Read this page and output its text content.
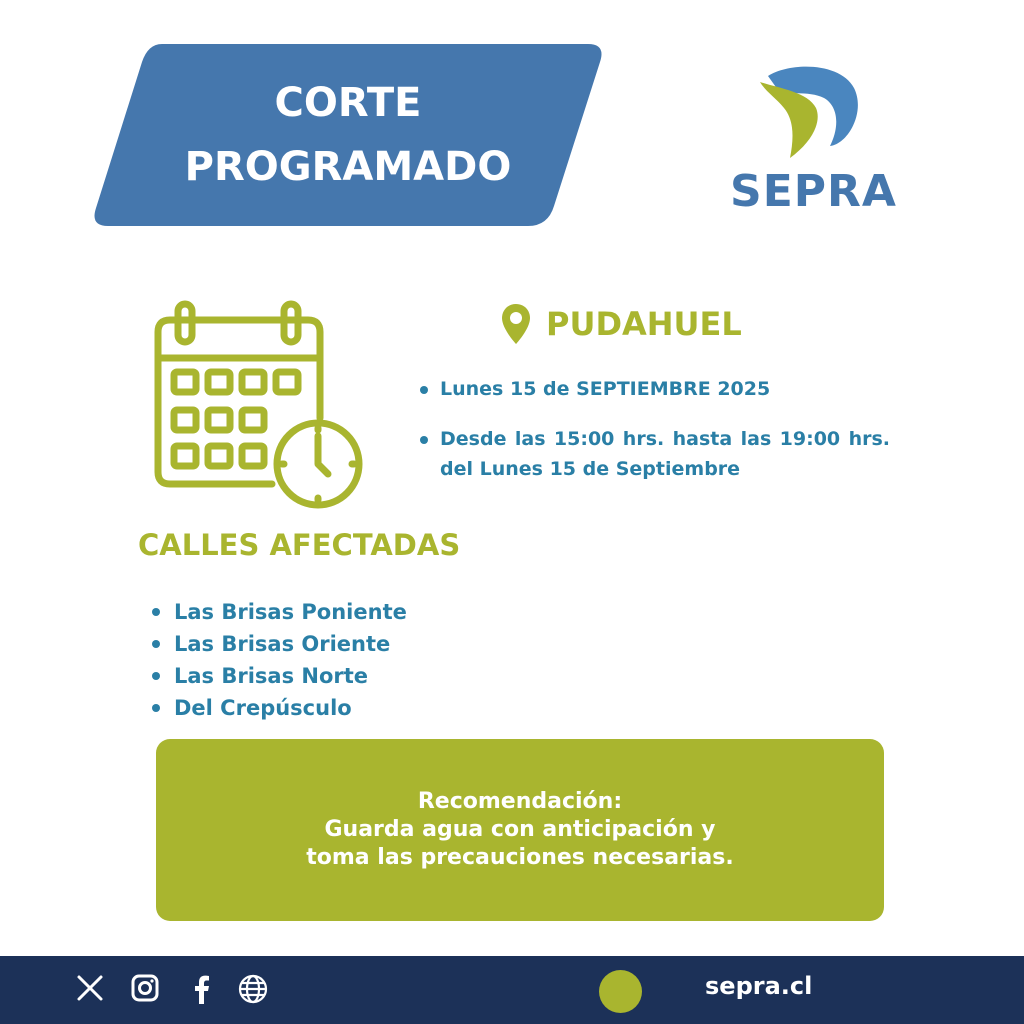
CORTE
PROGRAMADO	SEPRA
PUDAHUEL
Lunes 15 de SEPTIEMBRE 2025
Desde las 15:00 hrs. hasta las 19:00 hrs. del Lunes 15 de Septiembre
CALLES AFECTADAS
Las Brisas Poniente
Las Brisas Oriente
Las Brisas Norte
Del Crepúsculo
Recomendación:
Guarda agua con anticipación y
toma las precauciones necesarias.
sepra.cl
